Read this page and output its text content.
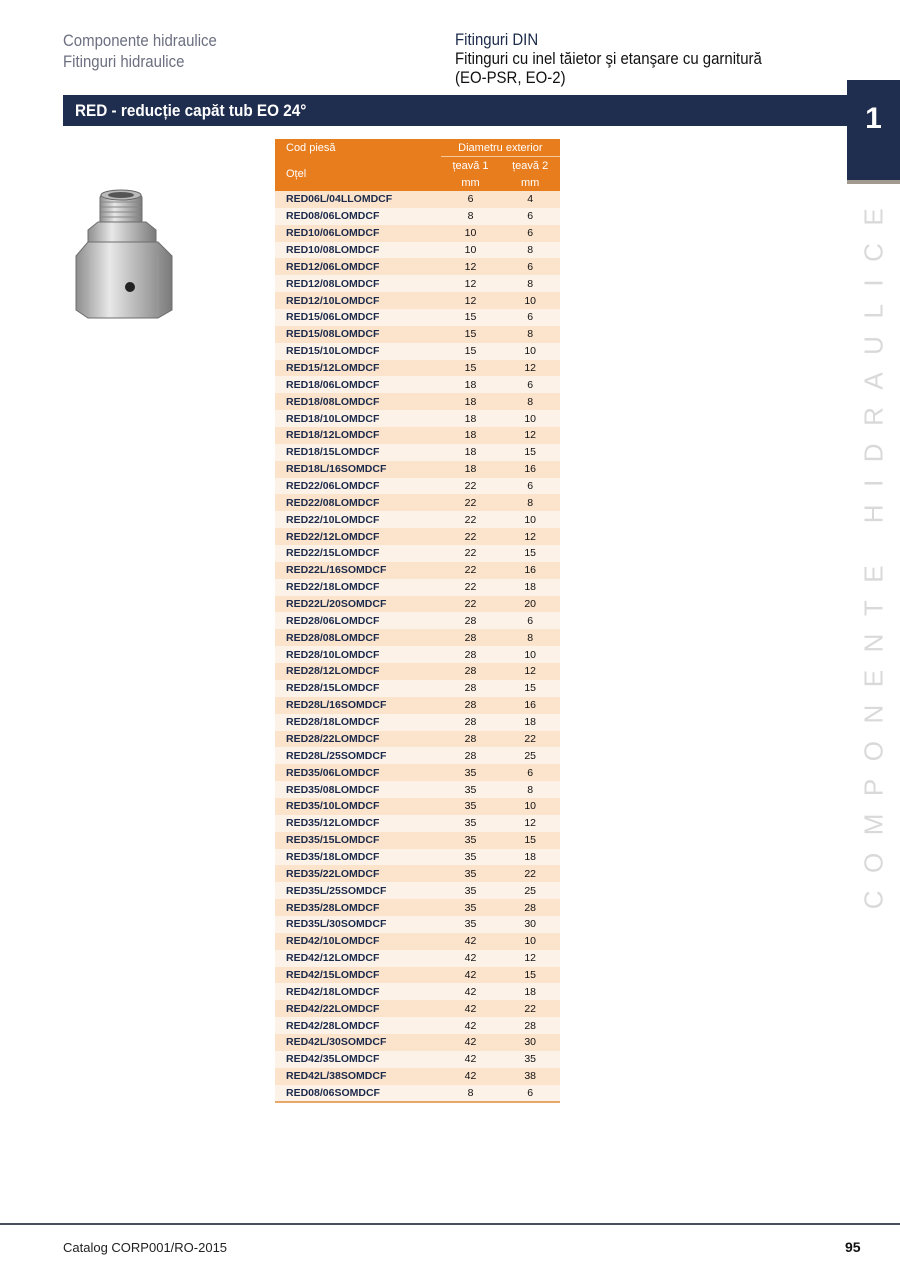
Componente hidraulice
Fitinguri hidraulice
Fitinguri DIN
Fitinguri cu inel tăietor şi etanşare cu garnitură
(EO-PSR, EO-2)
RED - reducție capăt tub EO 24°	1
COMPONENTE HIDRAULICE
Cod piesă	Diametru exterior	
Oțel	țeavă 1	țeavă 2
	mm	mm
RED06L/04LLOMDCF	6	4
RED08/06LOMDCF	8	6
RED10/06LOMDCF	10	6
RED10/08LOMDCF	10	8
RED12/06LOMDCF	12	6
RED12/08LOMDCF	12	8
RED12/10LOMDCF	12	10
RED15/06LOMDCF	15	6
RED15/08LOMDCF	15	8
RED15/10LOMDCF	15	10
RED15/12LOMDCF	15	12
RED18/06LOMDCF	18	6
RED18/08LOMDCF	18	8
RED18/10LOMDCF	18	10
RED18/12LOMDCF	18	12
RED18/15LOMDCF	18	15
RED18L/16SOMDCF	18	16
RED22/06LOMDCF	22	6
RED22/08LOMDCF	22	8
RED22/10LOMDCF	22	10
RED22/12LOMDCF	22	12
RED22/15LOMDCF	22	15
RED22L/16SOMDCF	22	16
RED22/18LOMDCF	22	18
RED22L/20SOMDCF	22	20
RED28/06LOMDCF	28	6
RED28/08LOMDCF	28	8
RED28/10LOMDCF	28	10
RED28/12LOMDCF	28	12
RED28/15LOMDCF	28	15
RED28L/16SOMDCF	28	16
RED28/18LOMDCF	28	18
RED28/22LOMDCF	28	22
RED28L/25SOMDCF	28	25
RED35/06LOMDCF	35	6
RED35/08LOMDCF	35	8
RED35/10LOMDCF	35	10
RED35/12LOMDCF	35	12
RED35/15LOMDCF	35	15
RED35/18LOMDCF	35	18
RED35/22LOMDCF	35	22
RED35L/25SOMDCF	35	25
RED35/28LOMDCF	35	28
RED35L/30SOMDCF	35	30
RED42/10LOMDCF	42	10
RED42/12LOMDCF	42	12
RED42/15LOMDCF	42	15
RED42/18LOMDCF	42	18
RED42/22LOMDCF	42	22
RED42/28LOMDCF	42	28
RED42L/30SOMDCF	42	30
RED42/35LOMDCF	42	35
RED42L/38SOMDCF	42	38
RED08/06SOMDCF	8	6
Catalog CORP001/RO-2015	95
